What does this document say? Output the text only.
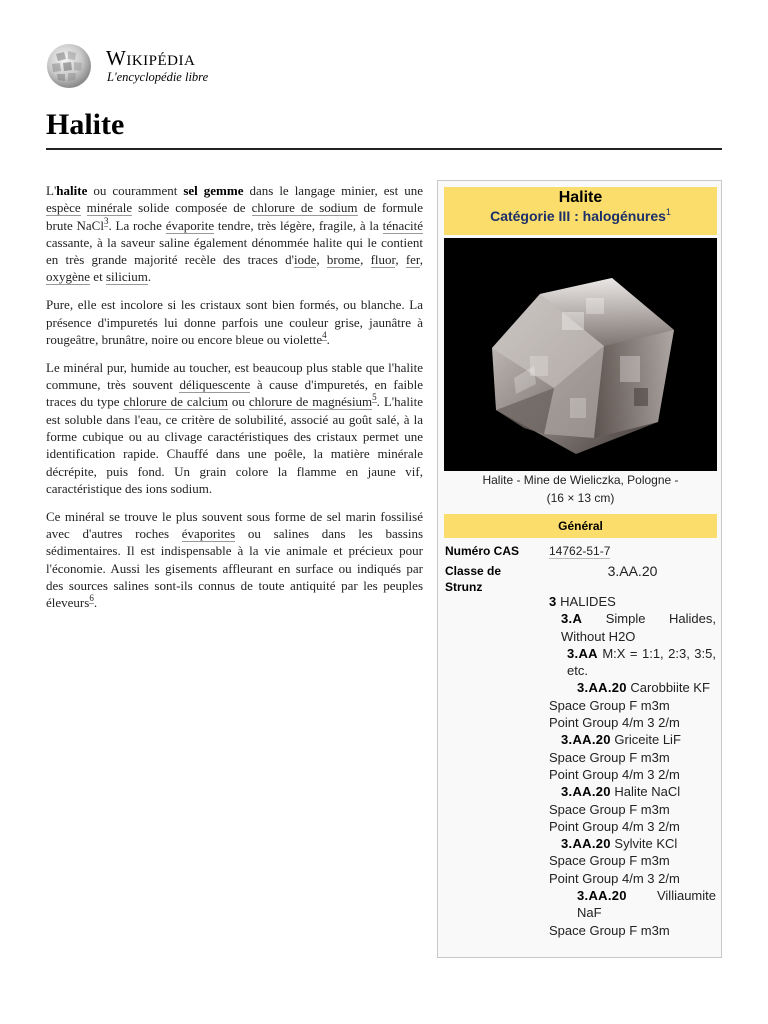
Wikipédia
L'encyclopédie libre
Halite

L'halite ou couramment sel gemme dans le langage minier, est une espèce minérale solide composée de chlorure de sodium de formule brute NaCl$^3$. La roche évaporite tendre, très légère, fragile, à la ténacité cassante, à la saveur saline également dénommée halite qui le contient en très grande majorité recèle des traces d'iode, brome, fluor, fer, oxygène et silicium.

Pure, elle est incolore si les cristaux sont bien formés, ou blanche. La présence d'impuretés lui donne parfois une couleur grise, jaunâtre à rougeâtre, brunâtre, noire ou encore bleue ou violette$^4$.

Le minéral pur, humide au toucher, est beaucoup plus stable que l'halite commune, très souvent déliquescente à cause d'impuretés, en faible traces du type chlorure de calcium ou chlorure de magnésium$^5$. L'halite est soluble dans l'eau, ce critère de solubilité, associé au goût salé, à la forme cubique ou au clivage caractéristiques des cristaux permet une identification rapide. Chauffé dans une poêle, la matière minérale décrépite, puis fond. Un grain colore la flamme en jaune vif, caractéristique des ions sodium.

Ce minéral se trouve le plus souvent sous forme de sel marin fossilisé avec d'autres roches évaporites ou salines dans les bassins sédimentaires. Il est indispensable à la vie animale et précieux pour l'économie. Aussi les gisements affleurant en surface ou indiqués par des sources salines sont-ils connus de toute antiquité par les peuples éleveurs$^6$.

Halite
Catégorie III : halogénures$^1$
Halite - Mine de Wieliczka, Pologne -
(16 × 13 cm)
Général
Numéro CAS 14762-51-7
Classe de Strunz
3.AA.20
3 HALIDES
3.A Simple Halides, Without H2O
3.AA M:X = 1:1, 2:3, 3:5, etc.
3.AA.20 Carobbiite KF
Space Group F m3m
Point Group 4/m 3 2/m
3.AA.20 Griceite LiF
Space Group F m3m
Point Group 4/m 3 2/m
3.AA.20 Halite NaCl
Space Group F m3m
Point Group 4/m 3 2/m
3.AA.20 Sylvite KCl
Space Group F m3m
Point Group 4/m 3 2/m
3.AA.20 Villiaumite NaF
Space Group F m3m
